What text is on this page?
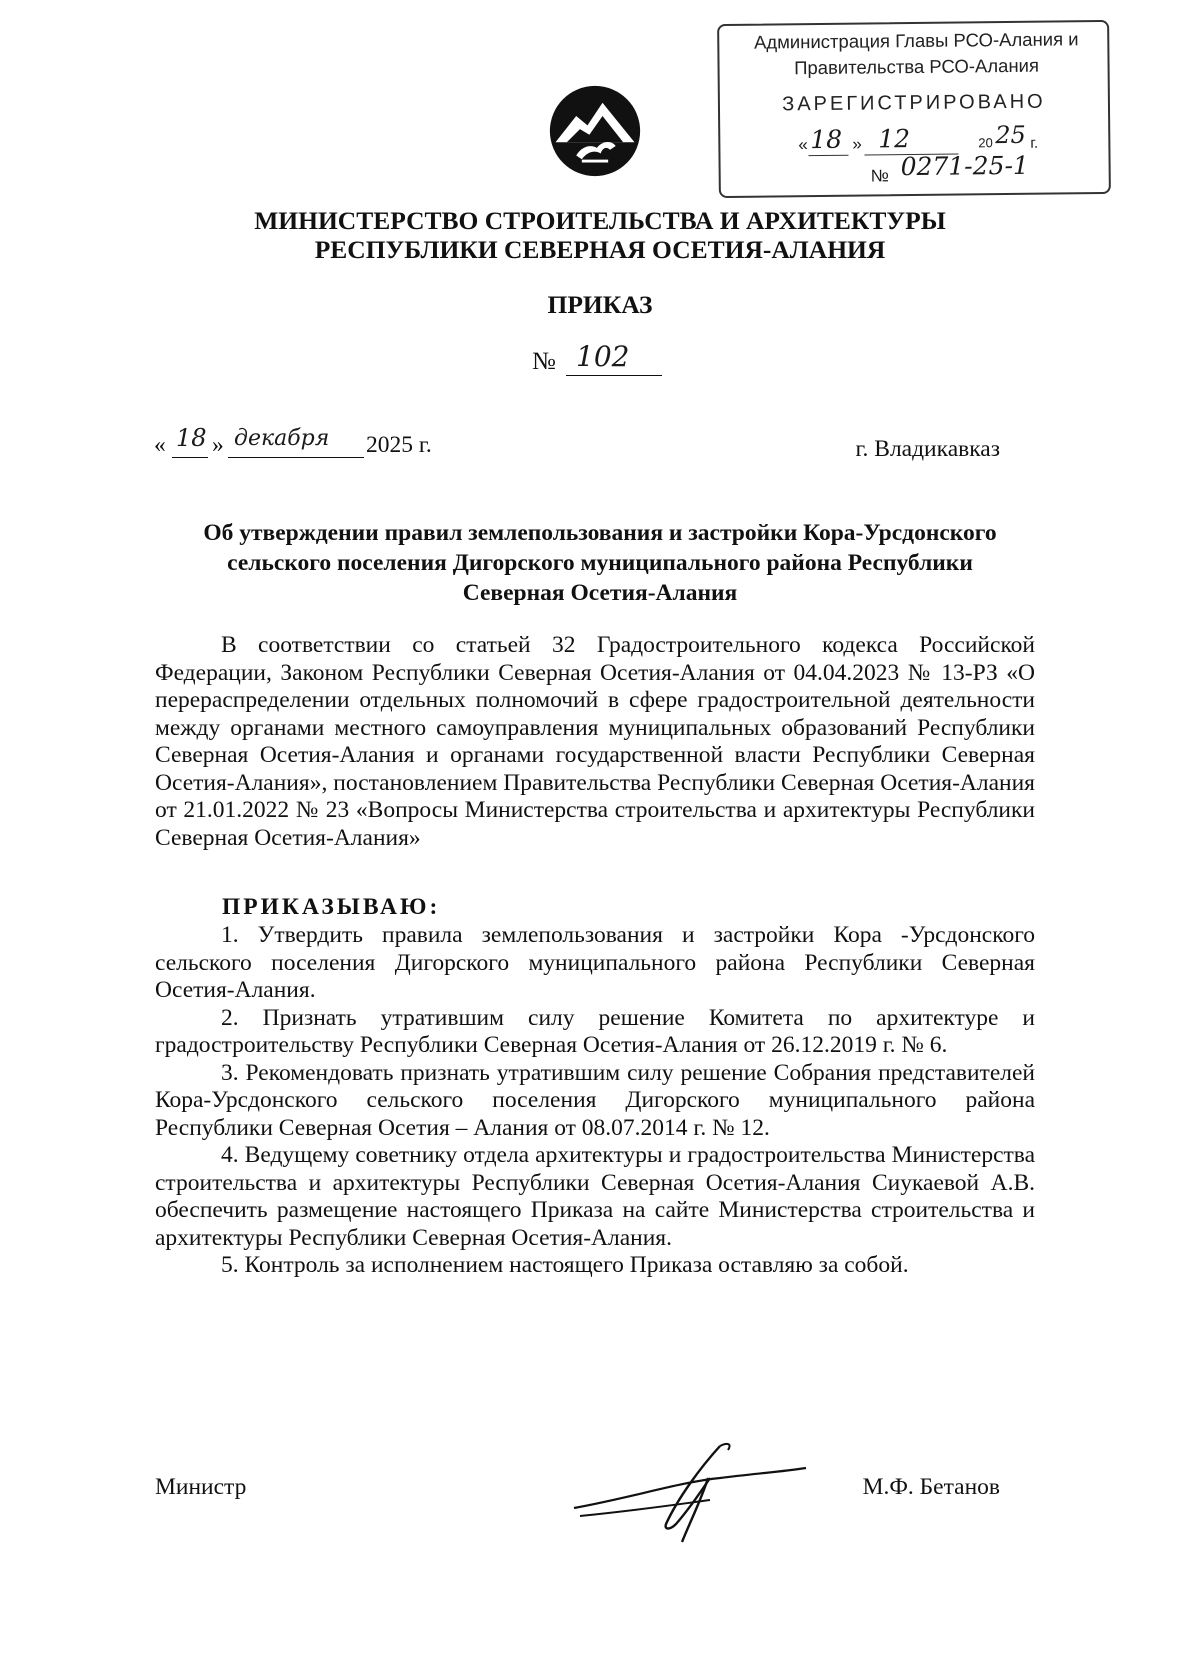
Администрация Главы РСО-Алания и Правительства РСО-Алания
ЗАРЕГИСТРИРОВАНО
« 18 » 12	20 25 г.
№ 0271-25-1
МИНИСТЕРСТВО СТРОИТЕЛЬСТВА И АРХИТЕКТУРЫ
РЕСПУБЛИКИ СЕВЕРНАЯ ОСЕТИЯ-АЛАНИЯ
ПРИКАЗ
№ 102
« 18 » декабря 2025 г.	г. Владикавказ
Об утверждении правил землепользования и застройки Кора-Урсдонского
сельского поселения Дигорского муниципального района Республики
Северная Осетия-Алания

В соответствии со статьей 32 Градостроительного кодекса Российской Федерации, Законом Республики Северная Осетия-Алания от 04.04.2023 № 13-РЗ «О перераспределении отдельных полномочий в сфере градостроительной деятельности между органами местного самоуправления муниципальных образований Республики Северная Осетия-Алания и органами государственной власти Республики Северная Осетия-Алания», постановлением Правительства Республики Северная Осетия-Алания от 21.01.2022 № 23 «Вопросы Министерства строительства и архитектуры Республики Северная Осетия-Алания»

ПРИКАЗЫВАЮ:

1. Утвердить правила землепользования и застройки Кора -Урсдонского сельского поселения Дигорского муниципального района Республики Северная Осетия-Алания.

2. Признать утратившим силу решение Комитета по архитектуре и градостроительству Республики Северная Осетия-Алания от 26.12.2019 г. № 6.

3. Рекомендовать признать утратившим силу решение Собрания представителей Кора-Урсдонского сельского поселения Дигорского муниципального района Республики Северная Осетия – Алания от 08.07.2014 г. № 12.

4. Ведущему советнику отдела архитектуры и градостроительства Министерства строительства и архитектуры Республики Северная Осетия-Алания Сиукаевой А.В. обеспечить размещение настоящего Приказа на сайте Министерства строительства и архитектуры Республики Северная Осетия-Алания.

5. Контроль за исполнением настоящего Приказа оставляю за собой.

Министр	М.Ф. Бетанов
